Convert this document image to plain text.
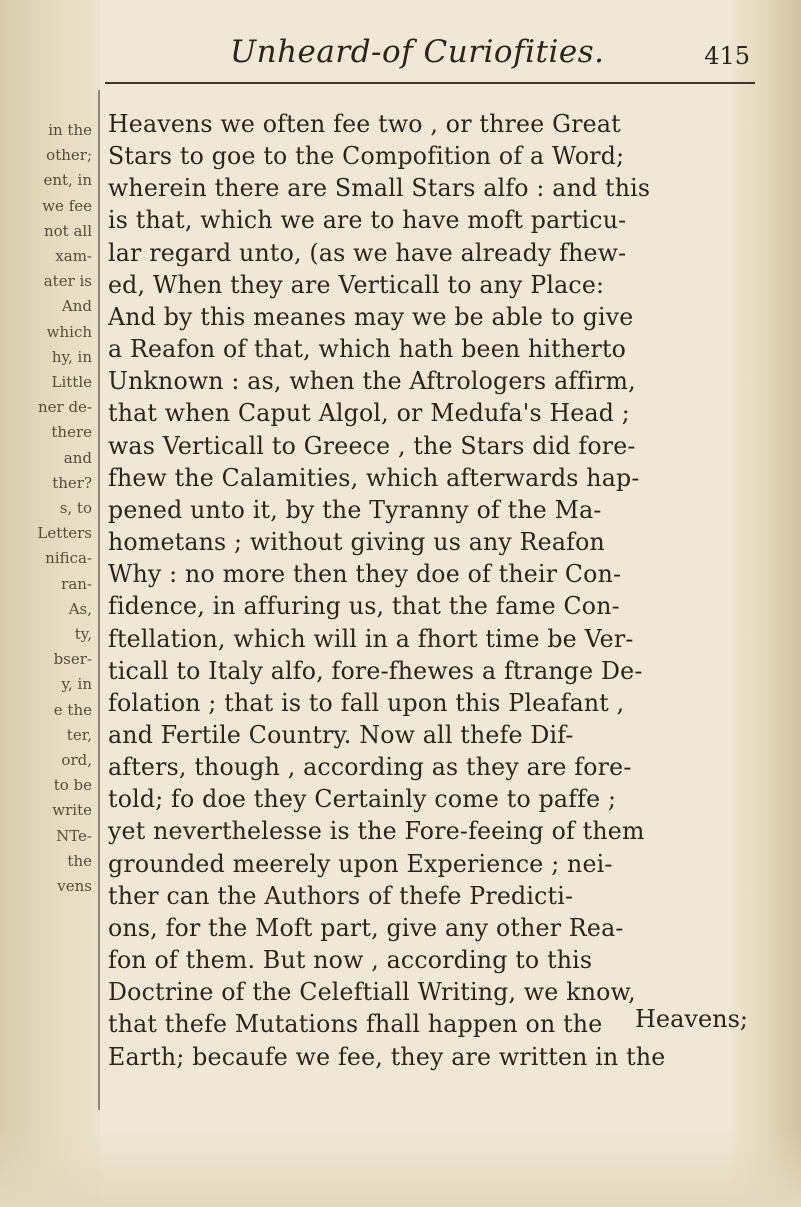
in the
other;
ent, in
we fee
not all
xam-
ater is
And
which
hy, in
Little
ner de-
there
and
ther?
s, to
Letters
nifica-
ran-
As,
ty,
bser-
y, in
e the
ter,
ord,
to be
write
NTe-
the
vens
Unheard-of Curiofities.	415
Heavens we often fee two , or three Great
Stars to goe to the Compofition of a Word;
wherein there are Small Stars alfo : and this
is that, which we are to have moft particu-
lar regard unto, (as we have already fhew-
ed, When they are Verticall to any Place:
And by this meanes may we be able to give
a Reafon of that, which hath been hitherto
Unknown : as, when the Aftrologers affirm,
that when Caput Algol, or Medufa's Head ;
was Verticall to Greece , the Stars did fore-
fhew the Calamities, which afterwards hap-
pened unto it, by the Tyranny of the Ma-
hometans ; without giving us any Reafon
Why : no more then they doe of their Con-
fidence, in affuring us, that the fame Con-
ftellation, which will in a fhort time be Ver-
ticall to Italy alfo, fore-fhewes a ftrange De-
folation ; that is to fall upon this Pleafant ,
and Fertile Country. Now all thefe Dif-
afters, though , according as they are fore-
told; fo doe they Certainly come to paffe ;
yet neverthelesse is the Fore-feeing of them
grounded meerely upon Experience ; nei-
ther can the Authors of thefe Predicti-
ons, for the Moft part, give any other Rea-
fon of them. But now , according to this
Doctrine of the Celeftiall Writing, we know,
that thefe Mutations fhall happen on the
Earth; becaufe we fee, they are written in the
Heavens;
